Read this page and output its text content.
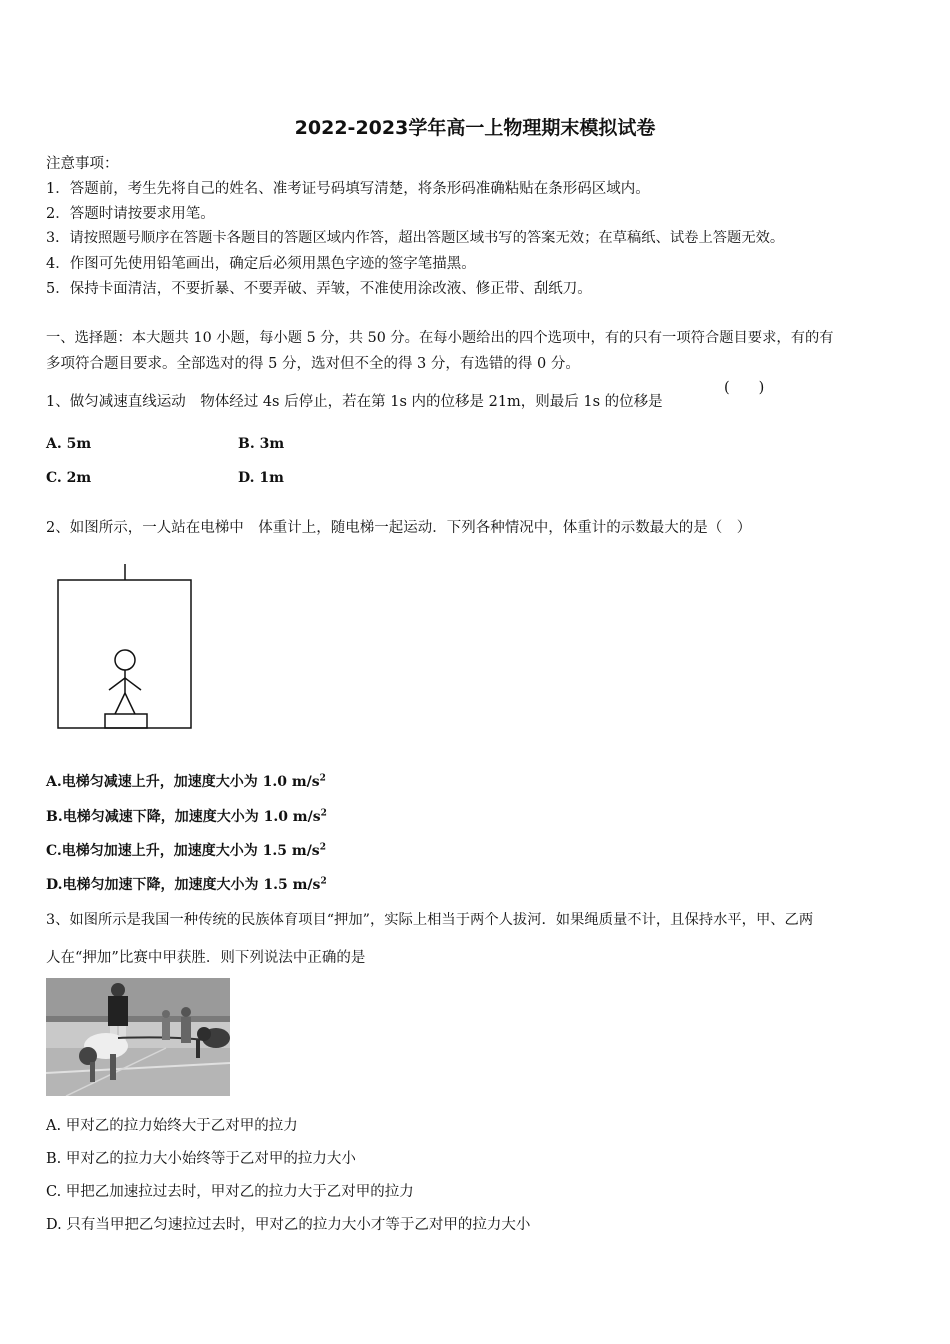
2022-2023学年高一上物理期末模拟试卷
注意事项：
1．答题前，考生先将自己的姓名、准考证号码填写清楚，将条形码准确粘贴在条形码区域内。
2．答题时请按要求用笔。
3．请按照题号顺序在答题卡各题目的答题区域内作答，超出答题区域书写的答案无效；在草稿纸、试卷上答题无效。
4．作图可先使用铅笔画出，确定后必须用黑色字迹的签字笔描黑。
5．保持卡面清洁，不要折暴、不要弄破、弄皱，不准使用涂改液、修正带、刮纸刀。
一、选择题：本大题共 10 小题，每小题 5 分，共 50 分。在每小题给出的四个选项中，有的只有一项符合题目要求，有的有
多项符合题目要求。全部选对的得 5 分，选对但不全的得 3 分，有选错的得 0 分。
1、做匀减速直线运动　物体经过 4s 后停止，若在第 1s 内的位移是 21m，则最后 1s 的位移是
(　　)
A. 5m	B. 3m
C. 2m	D. 1m
2、如图所示，一人站在电梯中　体重计上，随电梯一起运动．下列各种情况中，体重计的示数最大的是（　）
A.电梯匀减速上升，加速度大小为 1.0 $m/s^2$
B.电梯匀减速下降，加速度大小为 1.0 $m/s^2$
C.电梯匀加速上升，加速度大小为 1.5 $m/s^2$
D.电梯匀加速下降，加速度大小为 1.5 $m/s^2$
3、如图所示是我国一种传统的民族体育项目“押加”，实际上相当于两个人拔河．如果绳质量不计，且保持水平，甲、乙两
人在“押加”比赛中甲获胜．则下列说法中正确的是
A. 甲对乙的拉力始终大于乙对甲的拉力
B. 甲对乙的拉力大小始终等于乙对甲的拉力大小
C. 甲把乙加速拉过去时，甲对乙的拉力大于乙对甲的拉力
D. 只有当甲把乙匀速拉过去时，甲对乙的拉力大小才等于乙对甲的拉力大小
